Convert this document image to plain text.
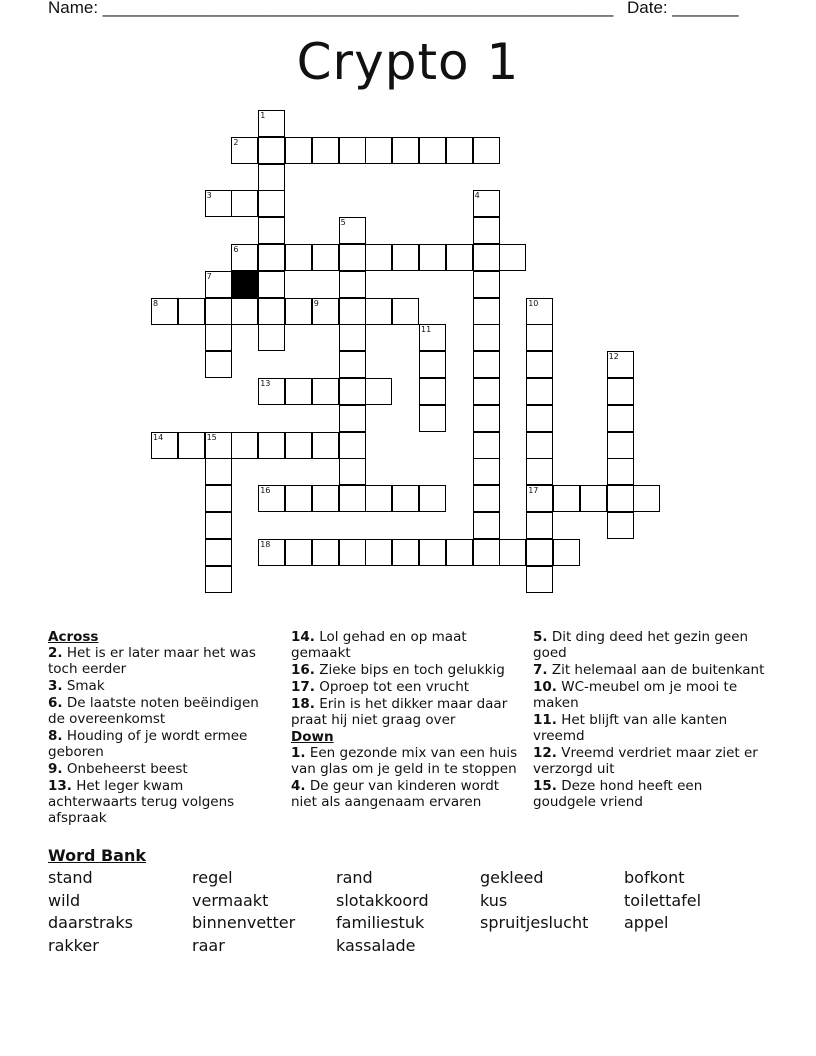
Name: ______________________________________________________ Date: _______
Crypto 1
2
3
6
8	9
13
14	15
16	17
18
1
4
5
7
10
11
12

Across

2. Het is er later maar het was toch eerder

3. Smak

6. De laatste noten beëindigen de overeenkomst

8. Houding of je wordt ermee geboren

9. Onbeheerst beest

13. Het leger kwam achterwaarts terug volgens afspraak

14. Lol gehad en op maat gemaakt

16. Zieke bips en toch gelukkig

17. Oproep tot een vrucht

18. Erin is het dikker maar daar praat hij niet graag over

Down

1. Een gezonde mix van een huis van glas om je geld in te stoppen

4. De geur van kinderen wordt niet als aangenaam ervaren

5. Dit ding deed het gezin geen goed

7. Zit helemaal aan de buitenkant

10. WC-meubel om je mooi te maken

11. Het blijft van alle kanten vreemd

12. Vreemd verdriet maar ziet er verzorgd uit

15. Deze hond heeft een goudgele vriend

Word Bank
stand	regel	rand	gekleed	bofkont
wild	vermaakt	slotakkoord	kus	toilettafel
daarstraks	binnenvetter	familiestuk	spruitjeslucht appel
rakker	raar	kassalade
